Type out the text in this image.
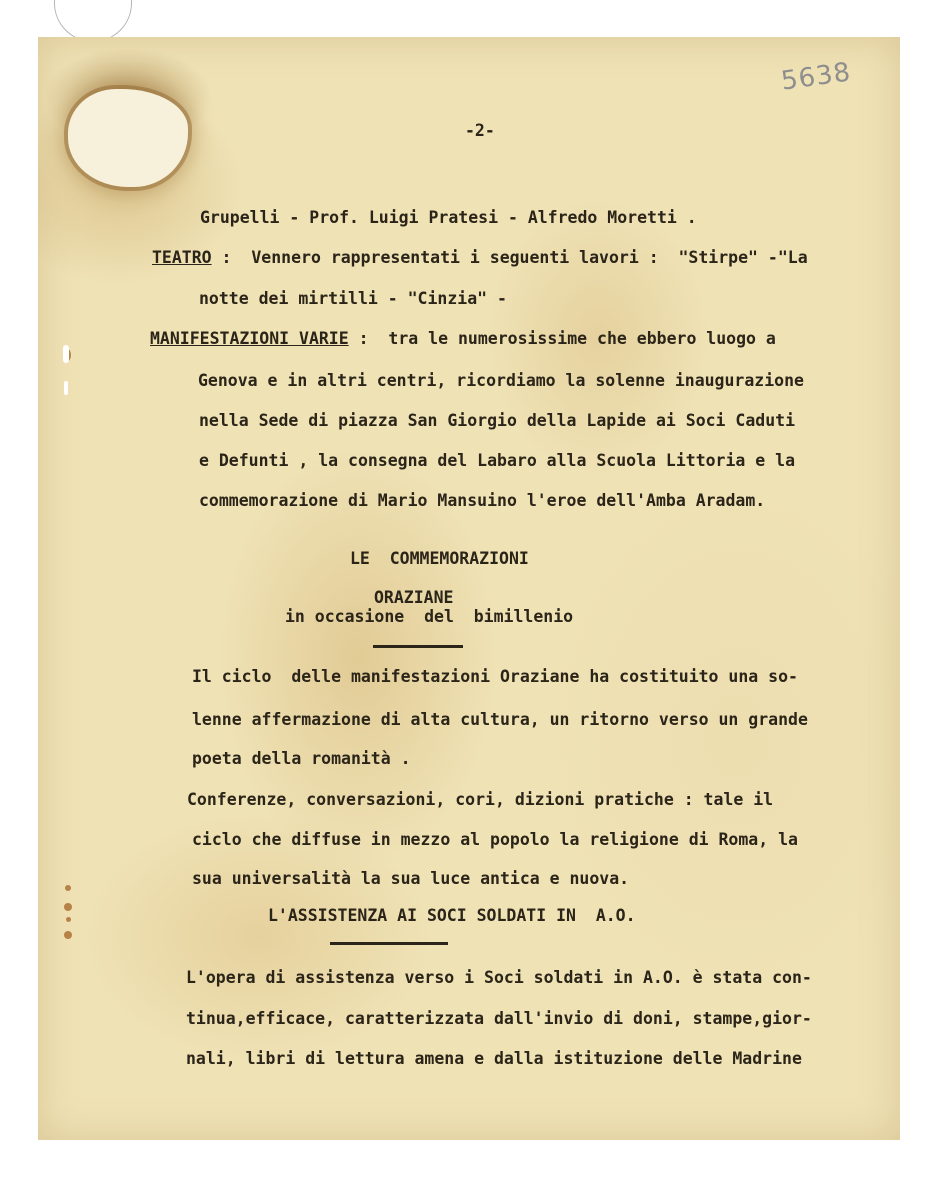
5638
-2-
Grupelli - Prof. Luigi Pratesi - Alfredo Moretti .
TEATRO :  Vennero rappresentati i seguenti lavori :  "Stirpe" -"La
notte dei mirtilli - "Cinzia" -
MANIFESTAZIONI VARIE :  tra le numerosissime che ebbero luogo a
Genova e in altri centri, ricordiamo la solenne inaugurazione
nella Sede di piazza San Giorgio della Lapide ai Soci Caduti
e Defunti , la consegna del Labaro alla Scuola Littoria e la
commemorazione di Mario Mansuino l'eroe dell'Amba Aradam.
LE  COMMEMORAZIONI
ORAZIANE
in occasione  del  bimillenio
Il ciclo  delle manifestazioni Oraziane ha costituito una so-
lenne affermazione di alta cultura, un ritorno verso un grande
poeta della romanità .
Conferenze, conversazioni, cori, dizioni pratiche : tale il
ciclo che diffuse in mezzo al popolo la religione di Roma, la
sua universalità la sua luce antica e nuova.
L'ASSISTENZA AI SOCI SOLDATI IN  A.O.
L'opera di assistenza verso i Soci soldati in A.O. è stata con-
tinua,efficace, caratterizzata dall'invio di doni, stampe,gior-
nali, libri di lettura amena e dalla istituzione delle Madrine
